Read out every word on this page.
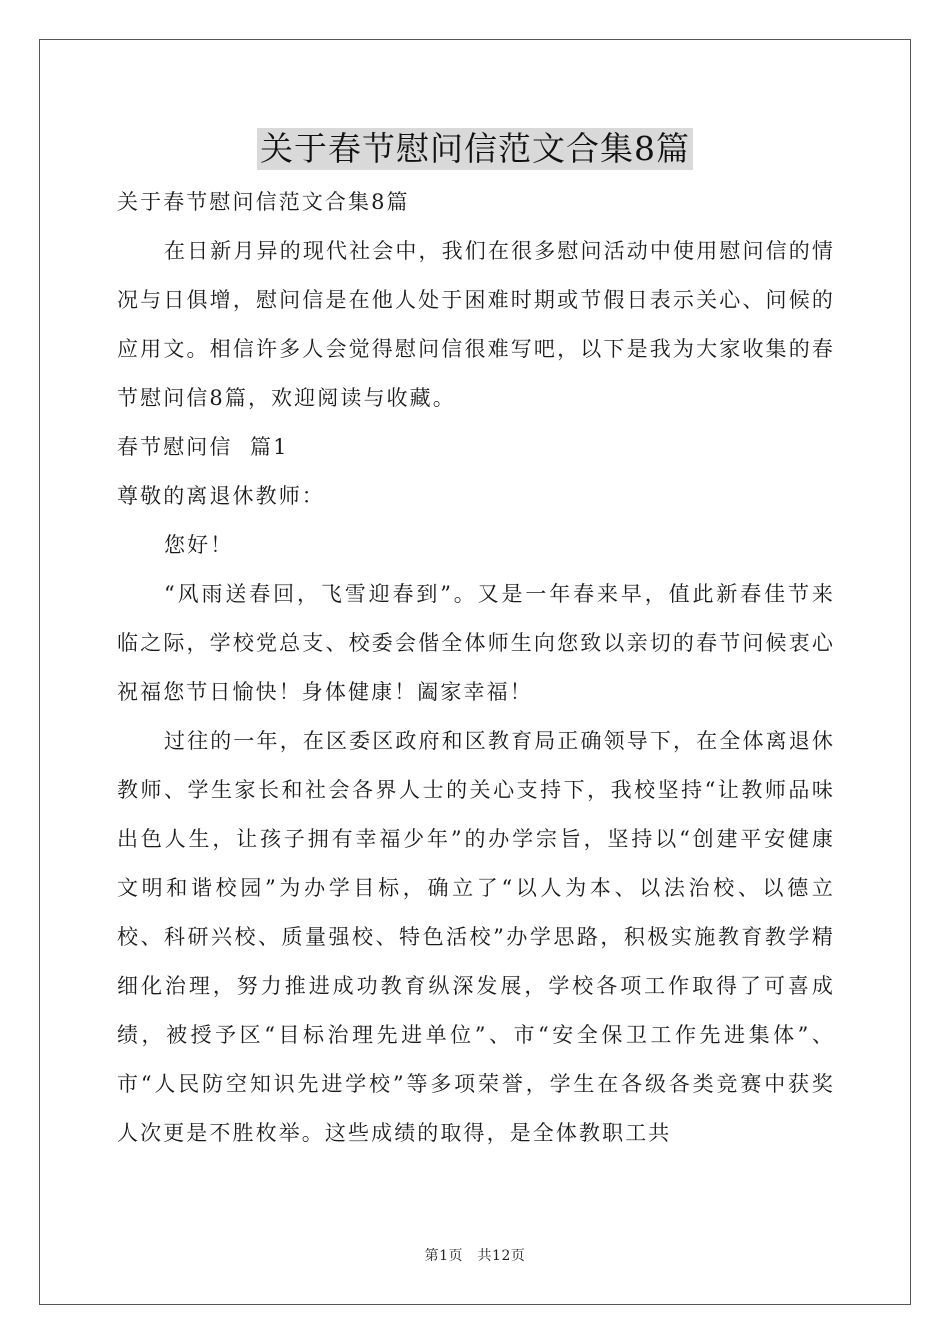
关于春节慰问信范文合集8篇

关于春节慰问信范文合集8篇

在日新月异的现代社会中，我们在很多慰问活动中使用慰问信的情况与日俱增，慰问信是在他人处于困难时期或节假日表示关心、问候的应用文。相信许多人会觉得慰问信很难写吧，以下是我为大家收集的春节慰问信8篇，欢迎阅读与收藏。

春节慰问信  篇1

尊敬的离退休教师：

您好！

“风雨送春回，飞雪迎春到”。又是一年春来早，值此新春佳节来临之际，学校党总支、校委会偕全体师生向您致以亲切的春节问候衷心祝福您节日愉快！身体健康！阖家幸福！

过往的一年，在区委区政府和区教育局正确领导下，在全体离退休教师、学生家长和社会各界人士的关心支持下，我校坚持“让教师品味出色人生，让孩子拥有幸福少年”的办学宗旨，坚持以“创建平安健康文明和谐校园”为办学目标，确立了“以人为本、以法治校、以德立校、科研兴校、质量强校、特色活校”办学思路，积极实施教育教学精细化治理，努力推进成功教育纵深发展，学校各项工作取得了可喜成绩，被授予区“目标治理先进单位”、市“安全保卫工作先进集体”、市“人民防空知识先进学校”等多项荣誉，学生在各级各类竞赛中获奖人次更是不胜枚举。这些成绩的取得，是全体教职工共

第1页　共12页
